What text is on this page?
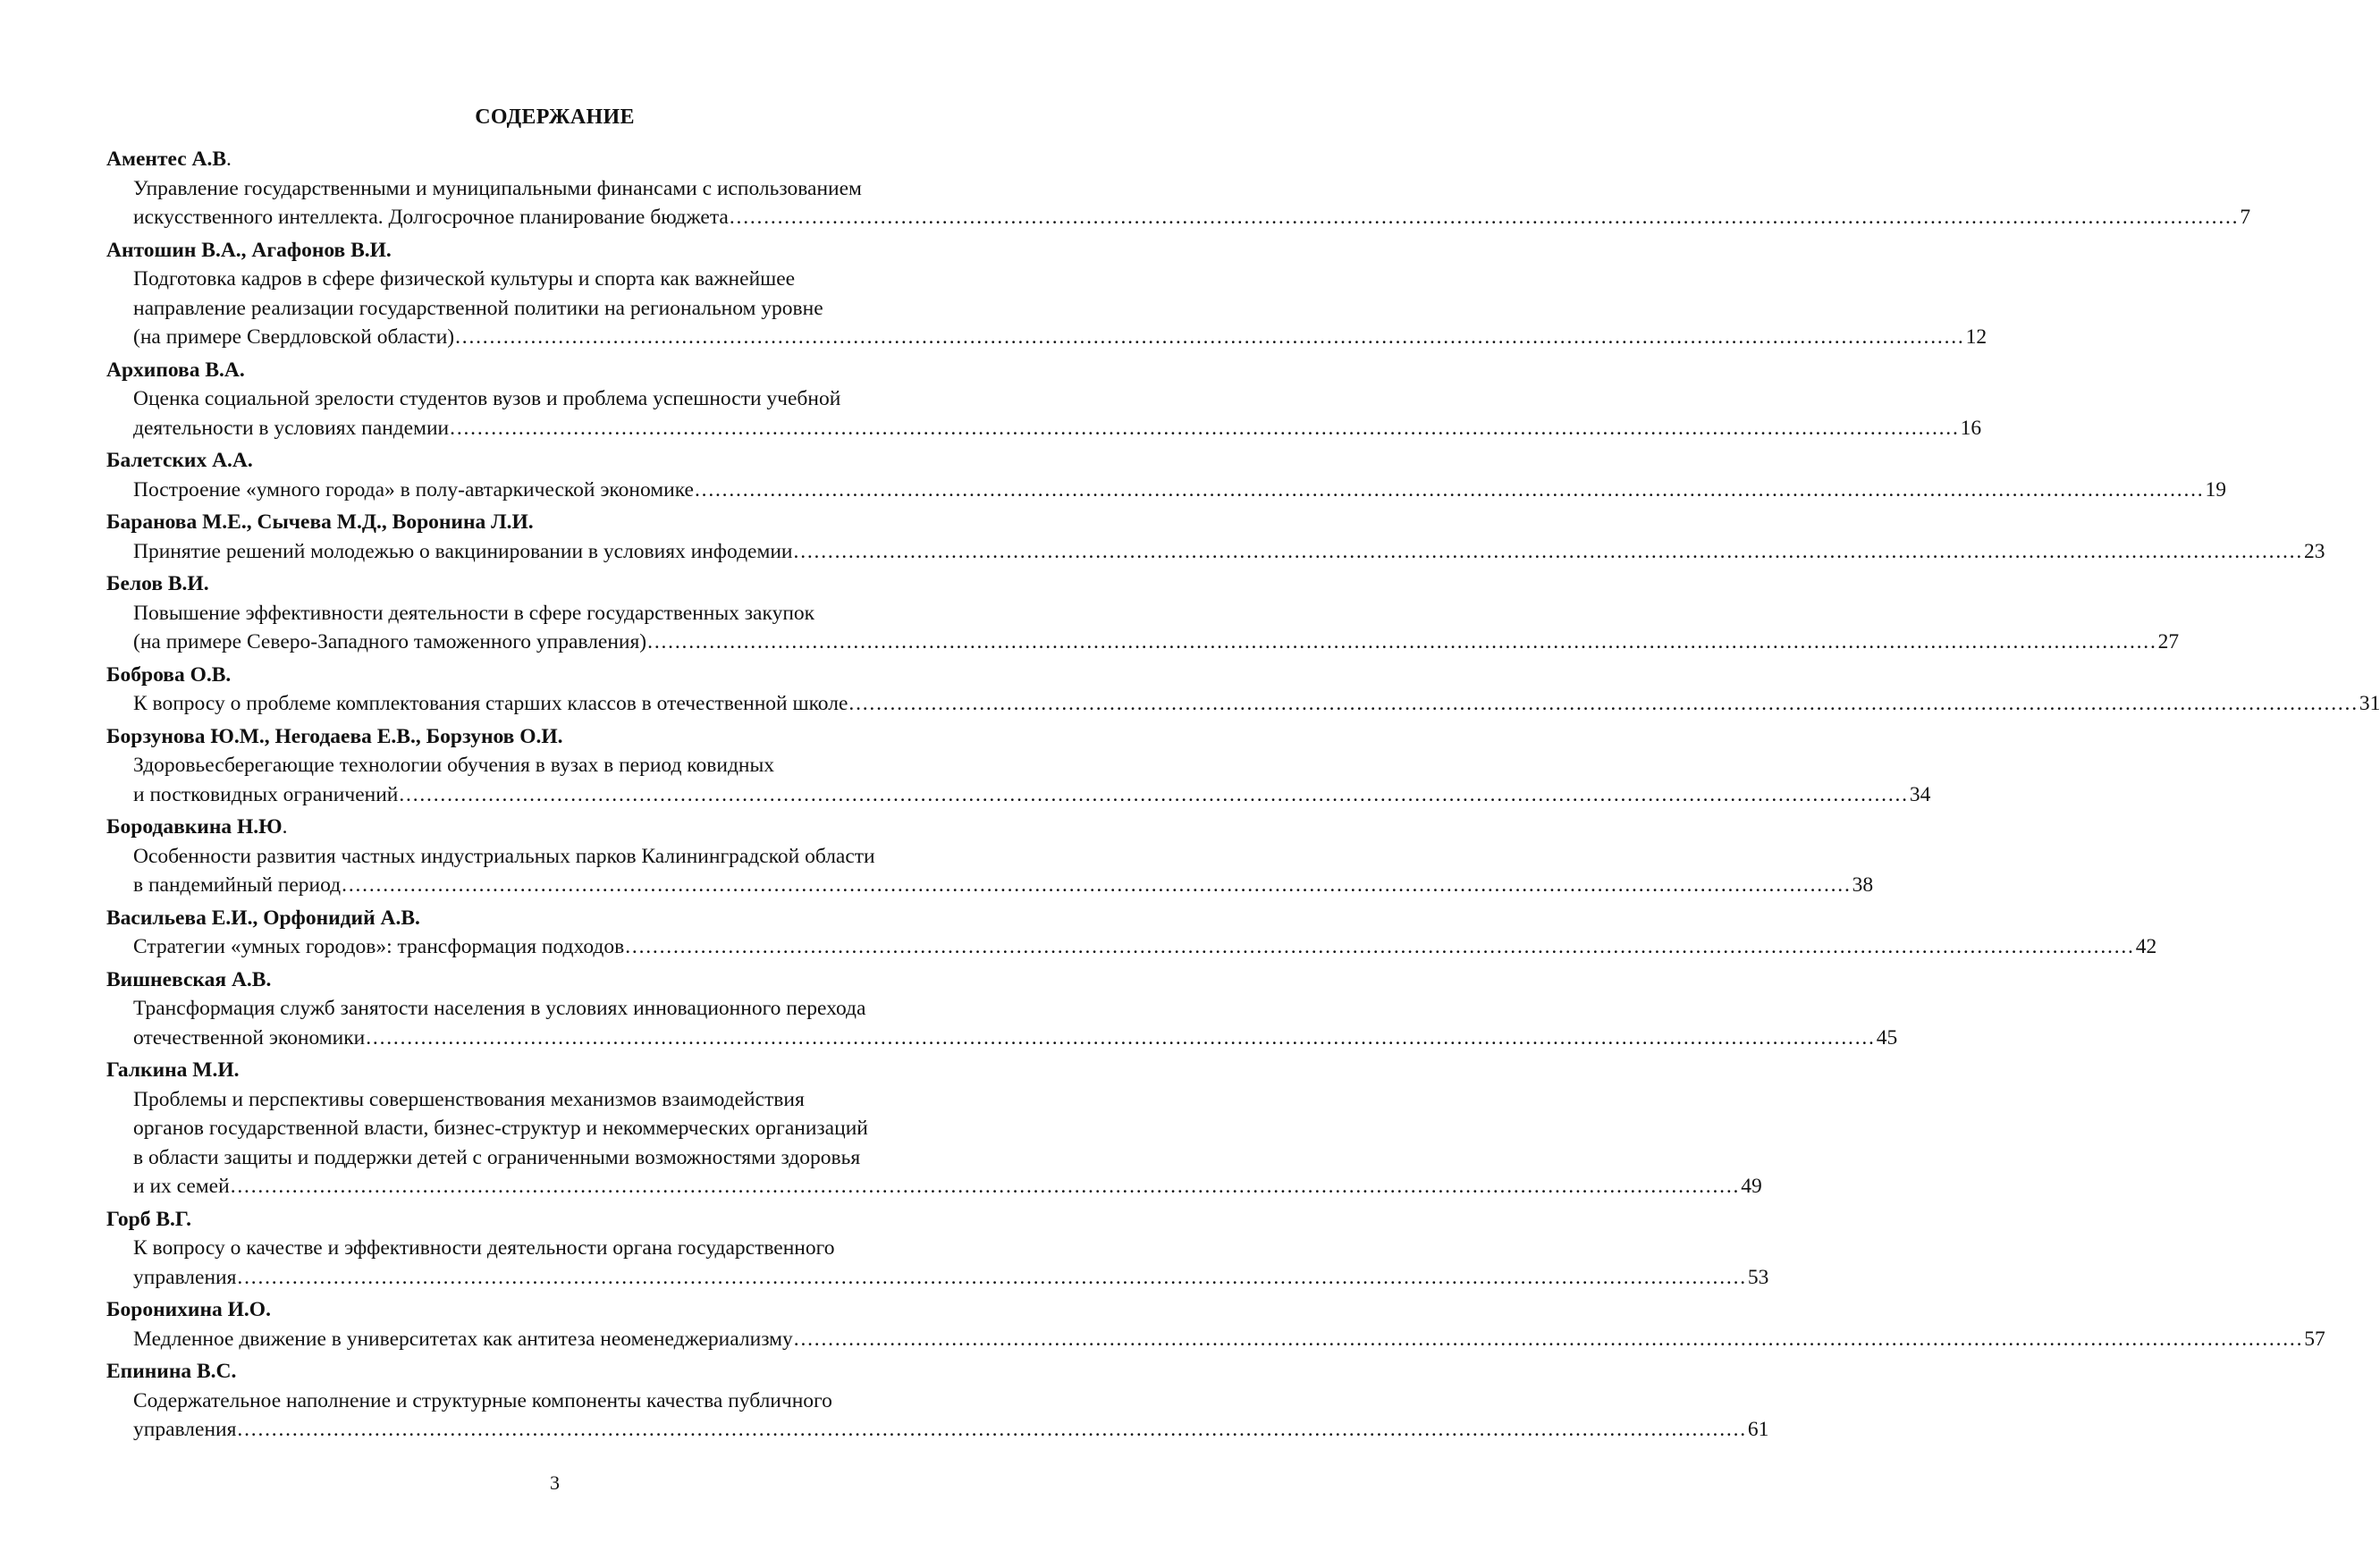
СОДЕРЖАНИЕ
Аментес А.В.
Управление государственными и муниципальными финансами с использованием
искусственного интеллекта. Долгосрочное планирование бюджета ............................................................................................................................................................................................................................ 7
Антошин В.А., Агафонов В.И.
Подготовка кадров в сфере физической культуры и спорта как важнейшее
направление реализации государственной политики на региональном уровне
(на примере Свердловской области) ............................................................................................................................................................................................................................ 12
Архипова В.А.
Оценка социальной зрелости студентов вузов и проблема успешности учебной
деятельности в условиях пандемии ............................................................................................................................................................................................................................ 16
Балетских А.А.
Построение «умного города» в полу-автаркической экономике ............................................................................................................................................................................................................................ 19
Баранова М.Е., Сычева М.Д., Воронина Л.И.
Принятие решений молодежью о вакцинировании в условиях инфодемии ............................................................................................................................................................................................................................ 23
Белов В.И.
Повышение эффективности деятельности в сфере государственных закупок
(на примере Северо-Западного таможенного управления) ............................................................................................................................................................................................................................ 27
Боброва О.В.
К вопросу о проблеме комплектования старших классов в отечественной школе ............................................................................................................................................................................................................................ 31
Борзунова Ю.М., Негодаева Е.В., Борзунов О.И.
Здоровьесберегающие технологии обучения в вузах в период ковидных
и постковидных ограничений ............................................................................................................................................................................................................................ 34
Бородавкина Н.Ю.
Особенности развития частных индустриальных парков Калининградской области
в пандемийный период ............................................................................................................................................................................................................................ 38
Васильева Е.И., Орфонидий А.В.
Стратегии «умных городов»: трансформация подходов ............................................................................................................................................................................................................................ 42
Вишневская А.В.
Трансформация служб занятости населения в условиях инновационного перехода
отечественной экономики ............................................................................................................................................................................................................................ 45
Галкина М.И.
Проблемы и перспективы совершенствования механизмов взаимодействия
органов государственной власти, бизнес-структур и некоммерческих организаций
в области защиты и поддержки детей с ограниченными возможностями здоровья
и их семей ............................................................................................................................................................................................................................ 49
Горб В.Г.
К вопросу о качестве и эффективности деятельности органа государственного
управления ............................................................................................................................................................................................................................ 53
Боронихина И.О.
Медленное движение в университетах как антитеза неоменеджериализму ............................................................................................................................................................................................................................ 57
Епинина В.С.
Содержательное наполнение и структурные компоненты качества публичного
управления ............................................................................................................................................................................................................................ 61
3
